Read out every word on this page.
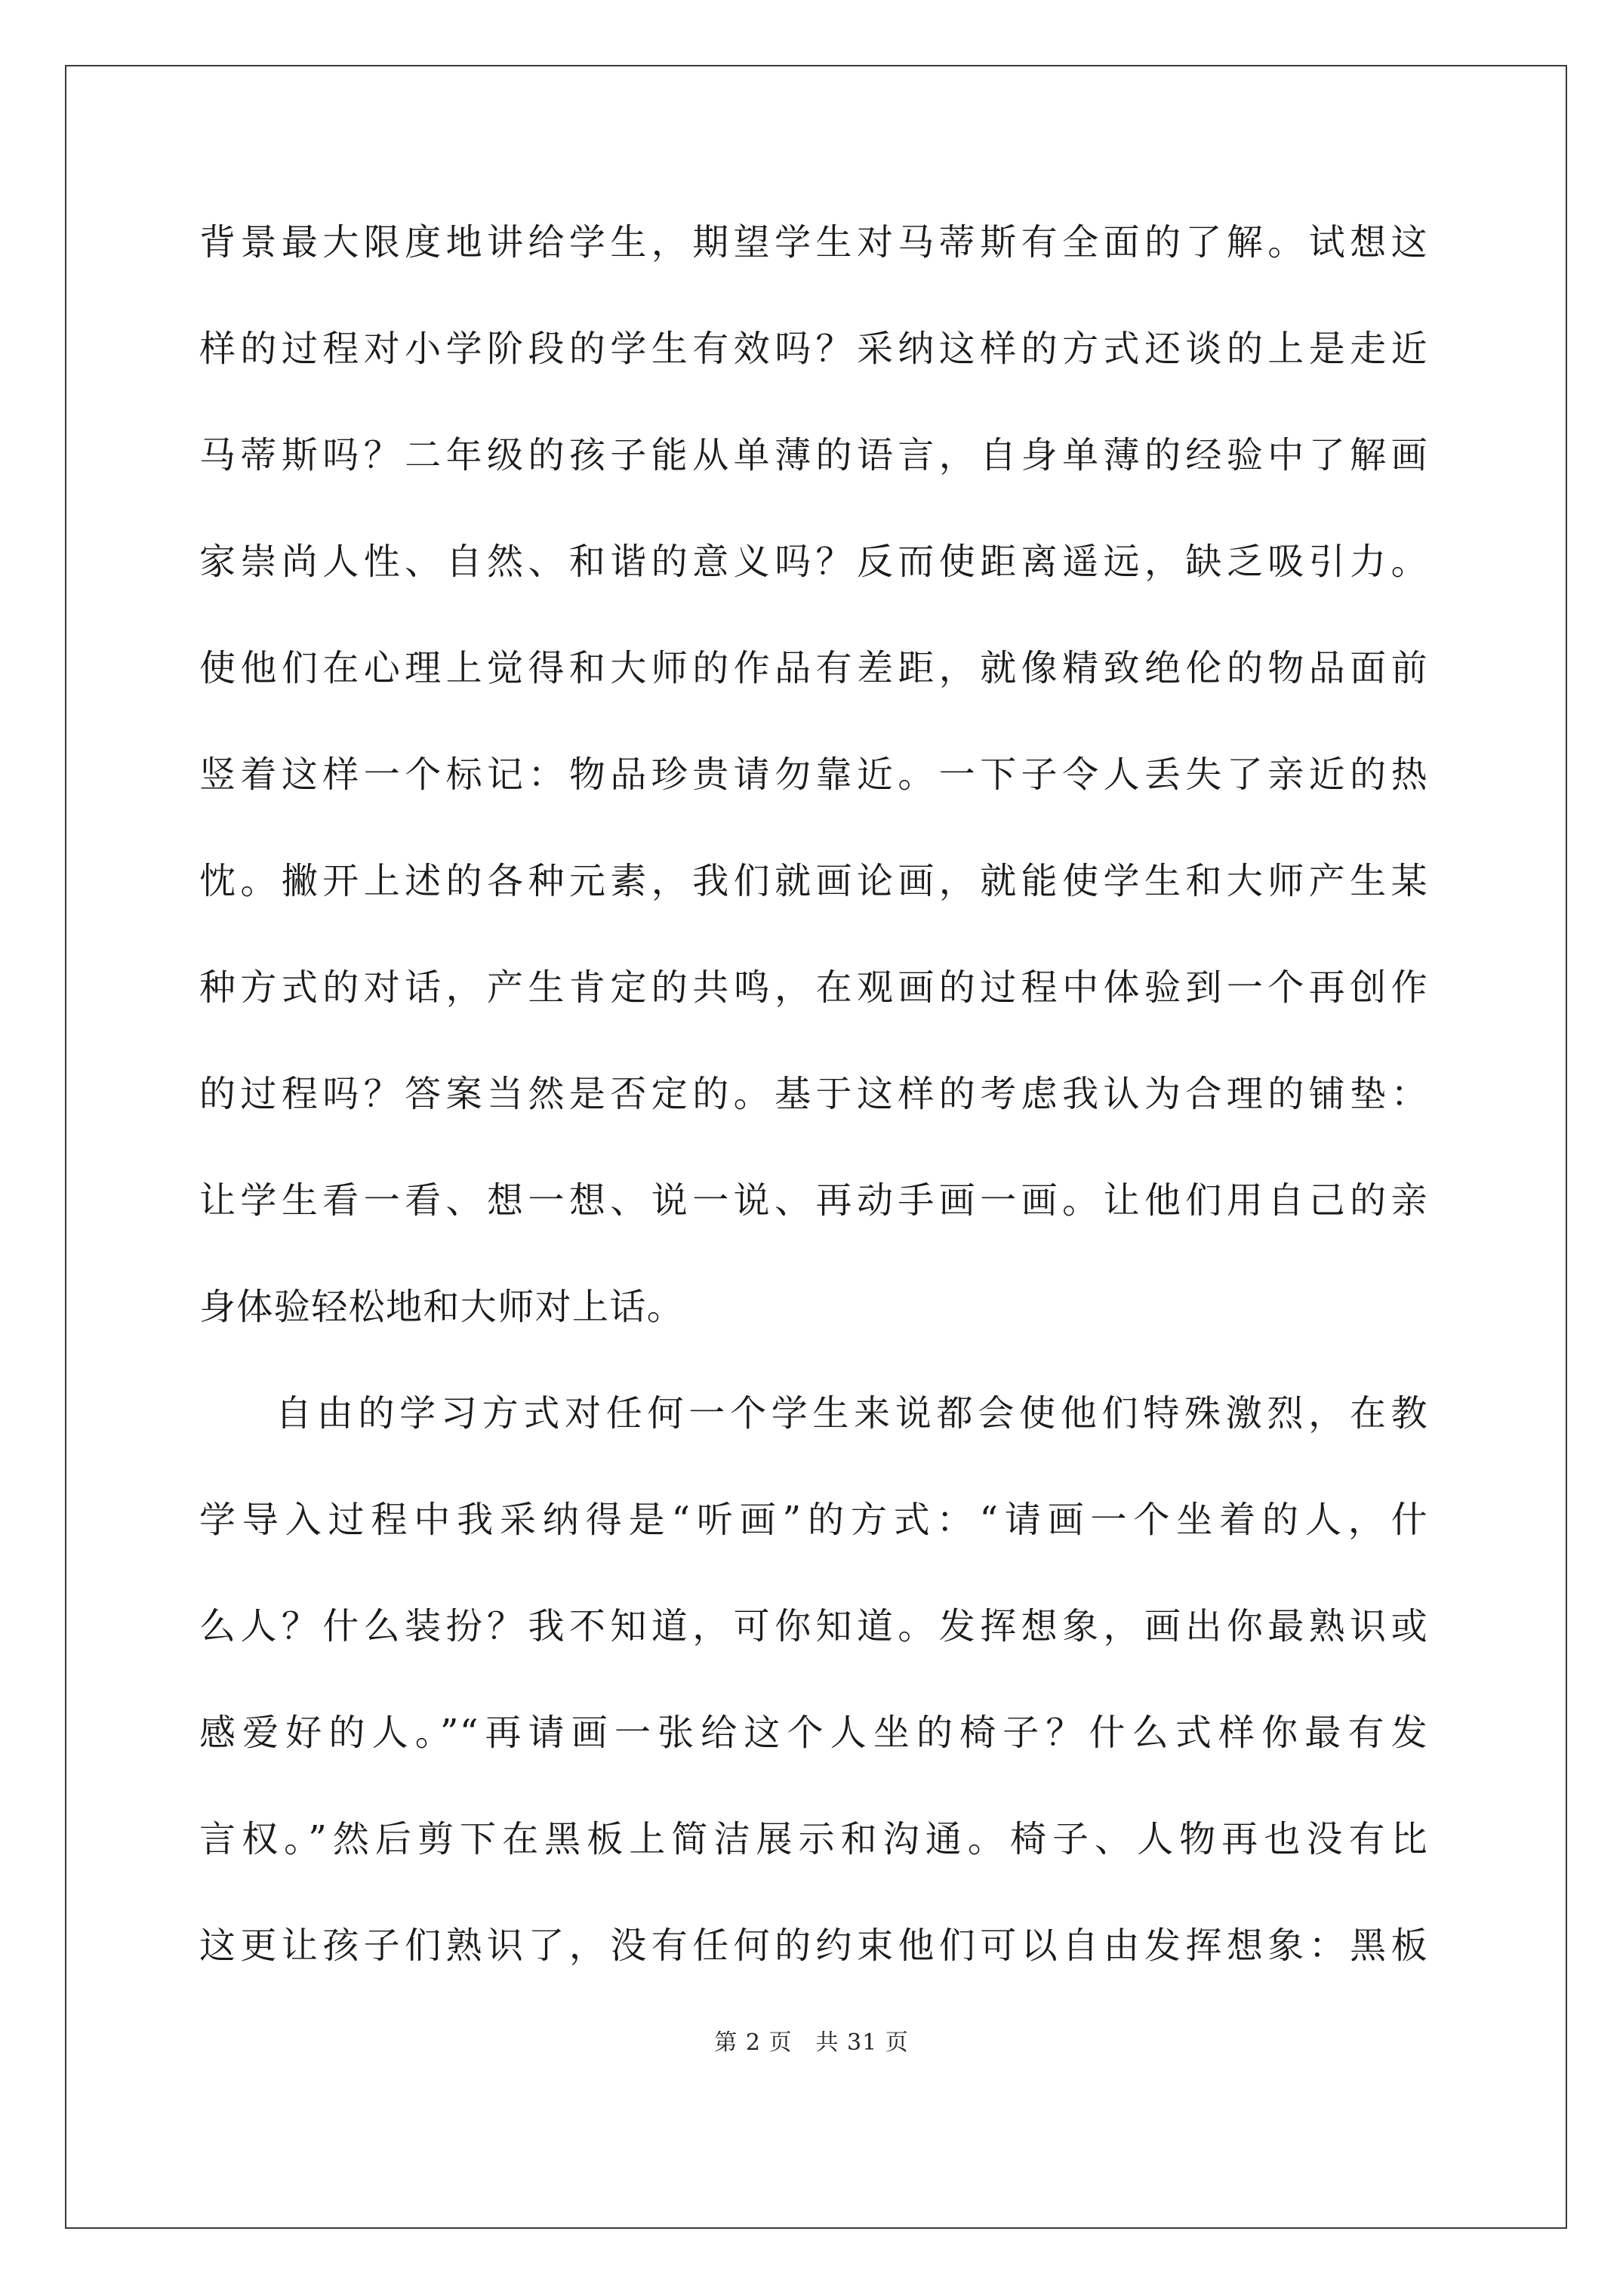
背景最大限度地讲给学生，期望学生对马蒂斯有全面的了解。试想这
样的过程对小学阶段的学生有效吗？采纳这样的方式还谈的上是走近
马蒂斯吗？二年级的孩子能从单薄的语言，自身单薄的经验中了解画
家崇尚人性、自然、和谐的意义吗？反而使距离遥远，缺乏吸引力。
使他们在心理上觉得和大师的作品有差距，就像精致绝伦的物品面前
竖着这样一个标记：物品珍贵请勿靠近。一下子令人丢失了亲近的热
忱。撇开上述的各种元素，我们就画论画，就能使学生和大师产生某
种方式的对话，产生肯定的共鸣，在观画的过程中体验到一个再创作
的过程吗？答案当然是否定的。基于这样的考虑我认为合理的铺垫：
让学生看一看、想一想、说一说、再动手画一画。让他们用自己的亲
身体验轻松地和大师对上话。
自由的学习方式对任何一个学生来说都会使他们特殊激烈，在教
学导入过程中我采纳得是“听画”的方式：“请画一个坐着的人，什
么人？什么装扮？我不知道，可你知道。发挥想象，画出你最熟识或
感爱好的人。”“再请画一张给这个人坐的椅子？什么式样你最有发
言权。”然后剪下在黑板上简洁展示和沟通。椅子、人物再也没有比
这更让孩子们熟识了，没有任何的约束他们可以自由发挥想象：黑板
第 2 页　共 31 页
